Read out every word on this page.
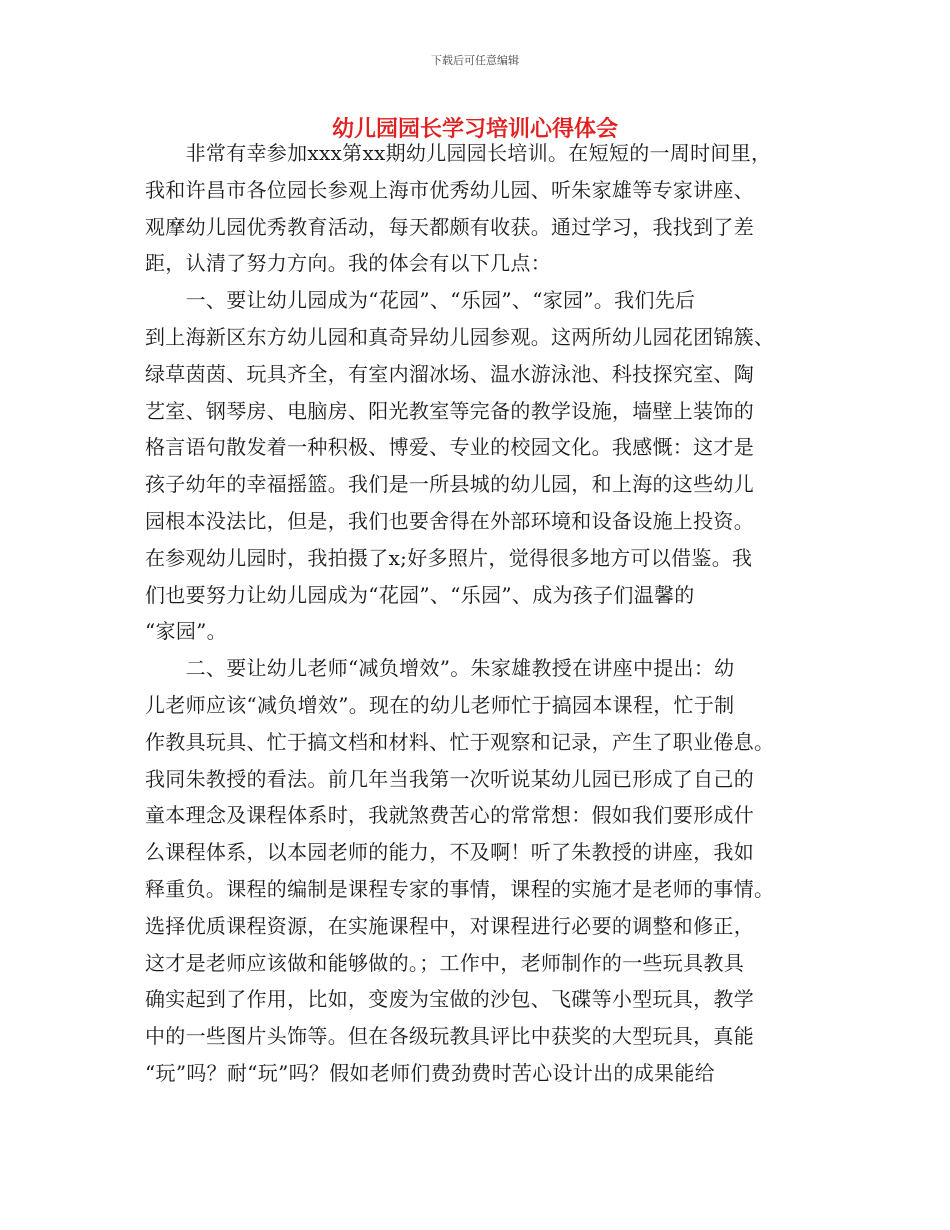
下载后可任意编辑
幼儿园园长学习培训心得体会
　　非常有幸参加xxx第xx期幼儿园园长培训。在短短的一周时间里，
我和许昌市各位园长参观上海市优秀幼儿园、听朱家雄等专家讲座、
观摩幼儿园优秀教育活动，每天都颇有收获。通过学习，我找到了差
距，认清了努力方向。我的体会有以下几点：
　　一、要让幼儿园成为“花园”、“乐园”、“家园”。我们先后
到上海新区东方幼儿园和真奇异幼儿园参观。这两所幼儿园花团锦簇、
绿草茵茵、玩具齐全，有室内溜冰场、温水游泳池、科技探究室、陶
艺室、钢琴房、电脑房、阳光教室等完备的教学设施，墙壁上装饰的
格言语句散发着一种积极、博爱、专业的校园文化。我感慨：这才是
孩子幼年的幸福摇篮。我们是一所县城的幼儿园，和上海的这些幼儿
园根本没法比，但是，我们也要舍得在外部环境和设备设施上投资。
在参观幼儿园时，我拍摄了x;好多照片，觉得很多地方可以借鉴。我
们也要努力让幼儿园成为“花园”、“乐园”、成为孩子们温馨的
“家园”。
　　二、要让幼儿老师“减负增效”。朱家雄教授在讲座中提出：幼
儿老师应该“减负增效”。现在的幼儿老师忙于搞园本课程，忙于制
作教具玩具、忙于搞文档和材料、忙于观察和记录，产生了职业倦息。
我同朱教授的看法。前几年当我第一次听说某幼儿园已形成了自己的
童本理念及课程体系时，我就煞费苦心的常常想：假如我们要形成什
么课程体系，以本园老师的能力，不及啊！听了朱教授的讲座，我如
释重负。课程的编制是课程专家的事情，课程的实施才是老师的事情。
选择优质课程资源，在实施课程中，对课程进行必要的调整和修正，
这才是老师应该做和能够做的。；工作中，老师制作的一些玩具教具
确实起到了作用，比如，变废为宝做的沙包、飞碟等小型玩具，教学
中的一些图片头饰等。但在各级玩教具评比中获奖的大型玩具，真能
“玩”吗？耐“玩”吗？假如老师们费劲费时苦心设计出的成果能给
